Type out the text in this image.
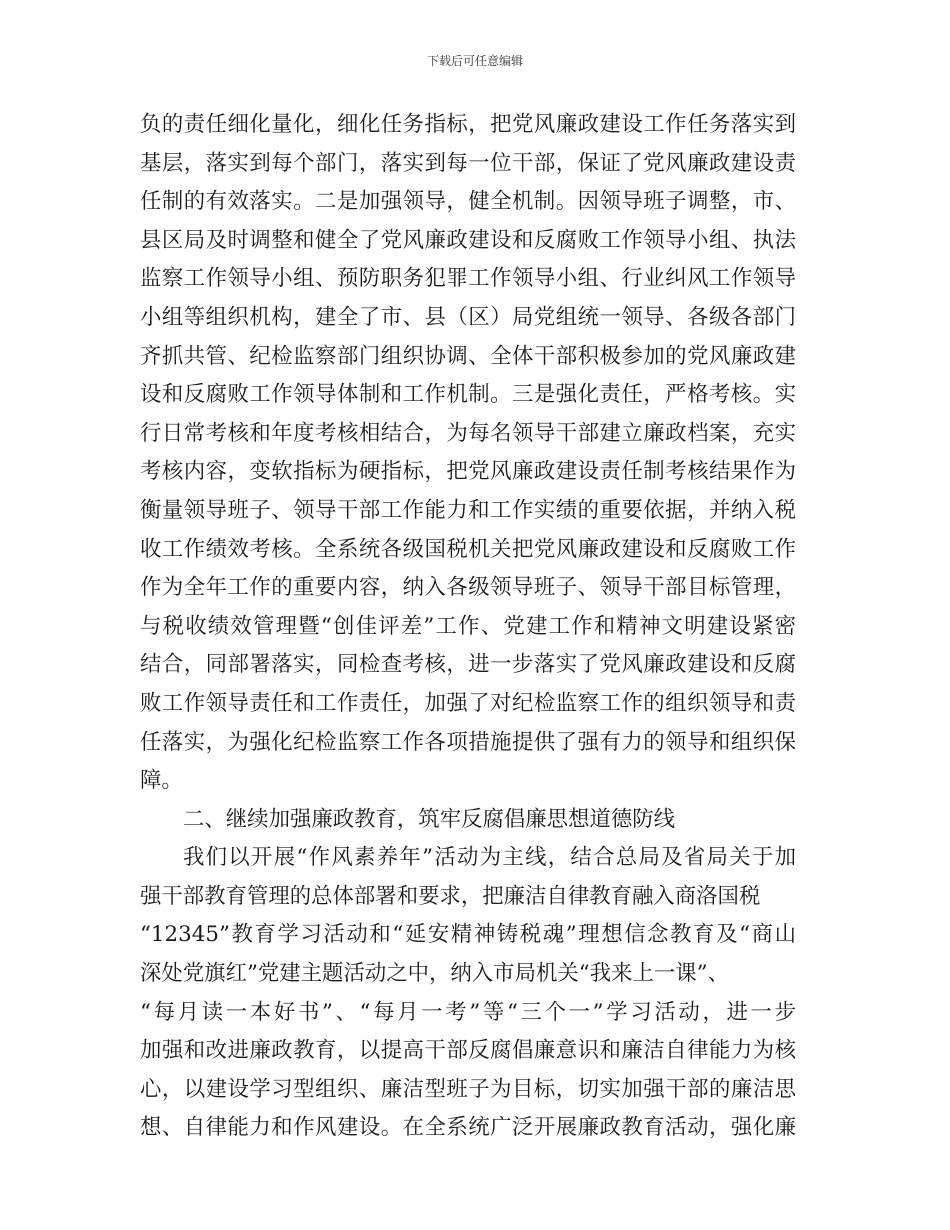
下载后可任意编辑
负的责任细化量化，细化任务指标，把党风廉政建设工作任务落实到
基层，落实到每个部门，落实到每一位干部，保证了党风廉政建设责
任制的有效落实。二是加强领导，健全机制。因领导班子调整，市、
县区局及时调整和健全了党风廉政建设和反腐败工作领导小组、执法
监察工作领导小组、预防职务犯罪工作领导小组、行业纠风工作领导
小组等组织机构，建全了市、县（区）局党组统一领导、各级各部门
齐抓共管、纪检监察部门组织协调、全体干部积极参加的党风廉政建
设和反腐败工作领导体制和工作机制。三是强化责任，严格考核。实
行日常考核和年度考核相结合，为每名领导干部建立廉政档案，充实
考核内容，变软指标为硬指标，把党风廉政建设责任制考核结果作为
衡量领导班子、领导干部工作能力和工作实绩的重要依据，并纳入税
收工作绩效考核。全系统各级国税机关把党风廉政建设和反腐败工作
作为全年工作的重要内容，纳入各级领导班子、领导干部目标管理，
与税收绩效管理暨“创佳评差”工作、党建工作和精神文明建设紧密
结合，同部署落实，同检查考核，进一步落实了党风廉政建设和反腐
败工作领导责任和工作责任，加强了对纪检监察工作的组织领导和责
任落实，为强化纪检监察工作各项措施提供了强有力的领导和组织保
障。
二、继续加强廉政教育，筑牢反腐倡廉思想道德防线
我们以开展“作风素养年”活动为主线，结合总局及省局关于加
强干部教育管理的总体部署和要求，把廉洁自律教育融入商洛国税
“12345”教育学习活动和“延安精神铸税魂”理想信念教育及“商山
深处党旗红”党建主题活动之中，纳入市局机关“我来上一课”、
“每月读一本好书”、“每月一考”等“三个一”学习活动，进一步
加强和改进廉政教育，以提高干部反腐倡廉意识和廉洁自律能力为核
心，以建设学习型组织、廉洁型班子为目标，切实加强干部的廉洁思
想、自律能力和作风建设。在全系统广泛开展廉政教育活动，强化廉
